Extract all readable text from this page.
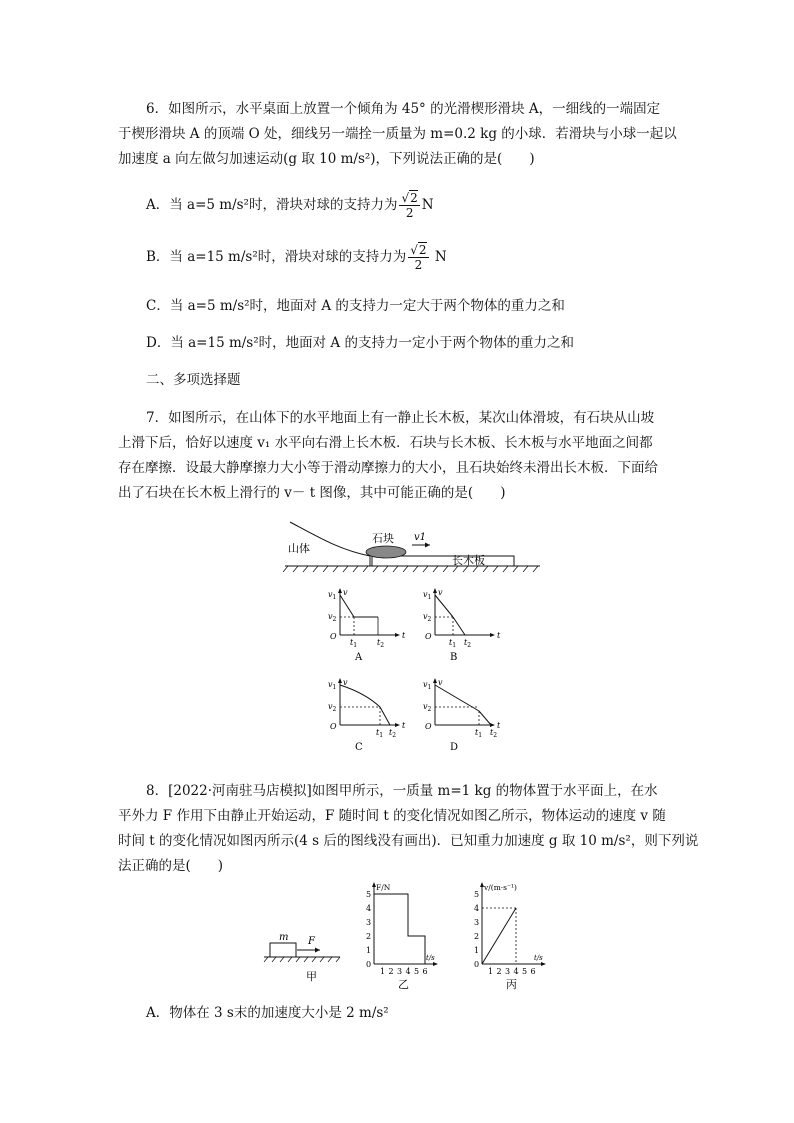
6．如图所示，水平桌面上放置一个倾角为 45° 的光滑楔形滑块 A，一细线的一端固定
于楔形滑块 A 的顶端 O 处，细线另一端拴一质量为 m=0.2 kg 的小球．若滑块与小球一起以
加速度 a 向左做匀加速运动(g 取 10 m/s²)，下列说法正确的是(　　)
A．当 a=5 m/s²时，滑块对球的支持力为 $\frac{√2}{2}$ N
B．当 a=15 m/s²时，滑块对球的支持力为 $\frac{√2}{2}$ N
C．当 a=5 m/s²时，地面对 A 的支持力一定大于两个物体的重力之和
D．当 a=15 m/s²时，地面对 A 的支持力一定小于两个物体的重力之和
二、多项选择题
7．如图所示，在山体下的水平地面上有一静止长木板，某次山体滑坡，有石块从山坡
上滑下后，恰好以速度 v₁ 水平向右滑上长木板．石块与长木板、长木板与水平地面之间都
存在摩擦．设最大静摩擦力大小等于滑动摩擦力的大小，且石块始终未滑出长木板．下面给
出了石块在长木板上滑行的 v－ t 图像，其中可能正确的是(　　)
山体
石块 v1
长木板
t
v
O
$v_1$
$v_2$
$t_1$ $t_2$
A
t
v
O
$v_1$
$v_2$
$t_1$ $t_2$
B
t
v
O
$v_1$
$v_2$
$t_1$ $t_2$
C
t
v
O
$v_1$
$v_2$
$t_1$ $t_2$
D
8．[2022·河南驻马店模拟]如图甲所示，一质量 m=1 kg 的物体置于水平面上，在水
平外力 F 作用下由静止开始运动，F 随时间 t 的变化情况如图乙所示，物体运动的速度 v 随
时间 t 的变化情况如图丙所示(4 s 后的图线没有画出)．已知重力加速度 g 取 10 m/s²，则下列说
法正确的是(　　)
m F
甲
F/N
0
1
2
3
4
5
1 2 3 4 5 6
t/s
乙
v/(m·s⁻¹)
0
1
2
3
4
5
1 2 3 4 5 6
t/s
丙
A．物体在 3 s末的加速度大小是 2 m/s²
